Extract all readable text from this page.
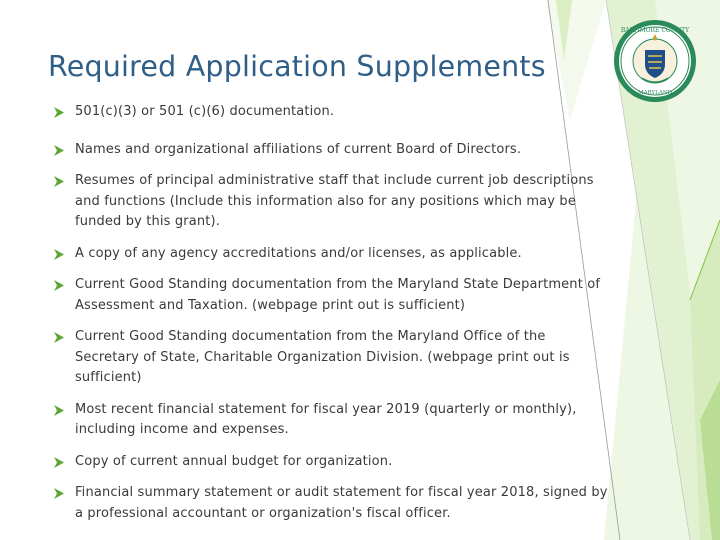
BALTIMORE COUNTY
MARYLAND
Required Application Supplements
501(c)(3) or 501 (c)(6) documentation.
Names and organizational affiliations of current Board of Directors.
Resumes of principal administrative staff that include current job descriptions and functions (Include this information also for any positions which may be funded by this grant).
A copy of any agency accreditations and/or licenses, as applicable.
Current Good Standing documentation from the Maryland State Department of Assessment and Taxation. (webpage print out is sufficient)
Current Good Standing documentation from the Maryland Office of the Secretary of State, Charitable Organization Division. (webpage print out is sufficient)
Most recent financial statement for fiscal year 2019 (quarterly or monthly), including income and expenses.
Copy of current annual budget for organization.
Financial summary statement or audit statement for fiscal year 2018, signed by a professional accountant or organization's fiscal officer.
